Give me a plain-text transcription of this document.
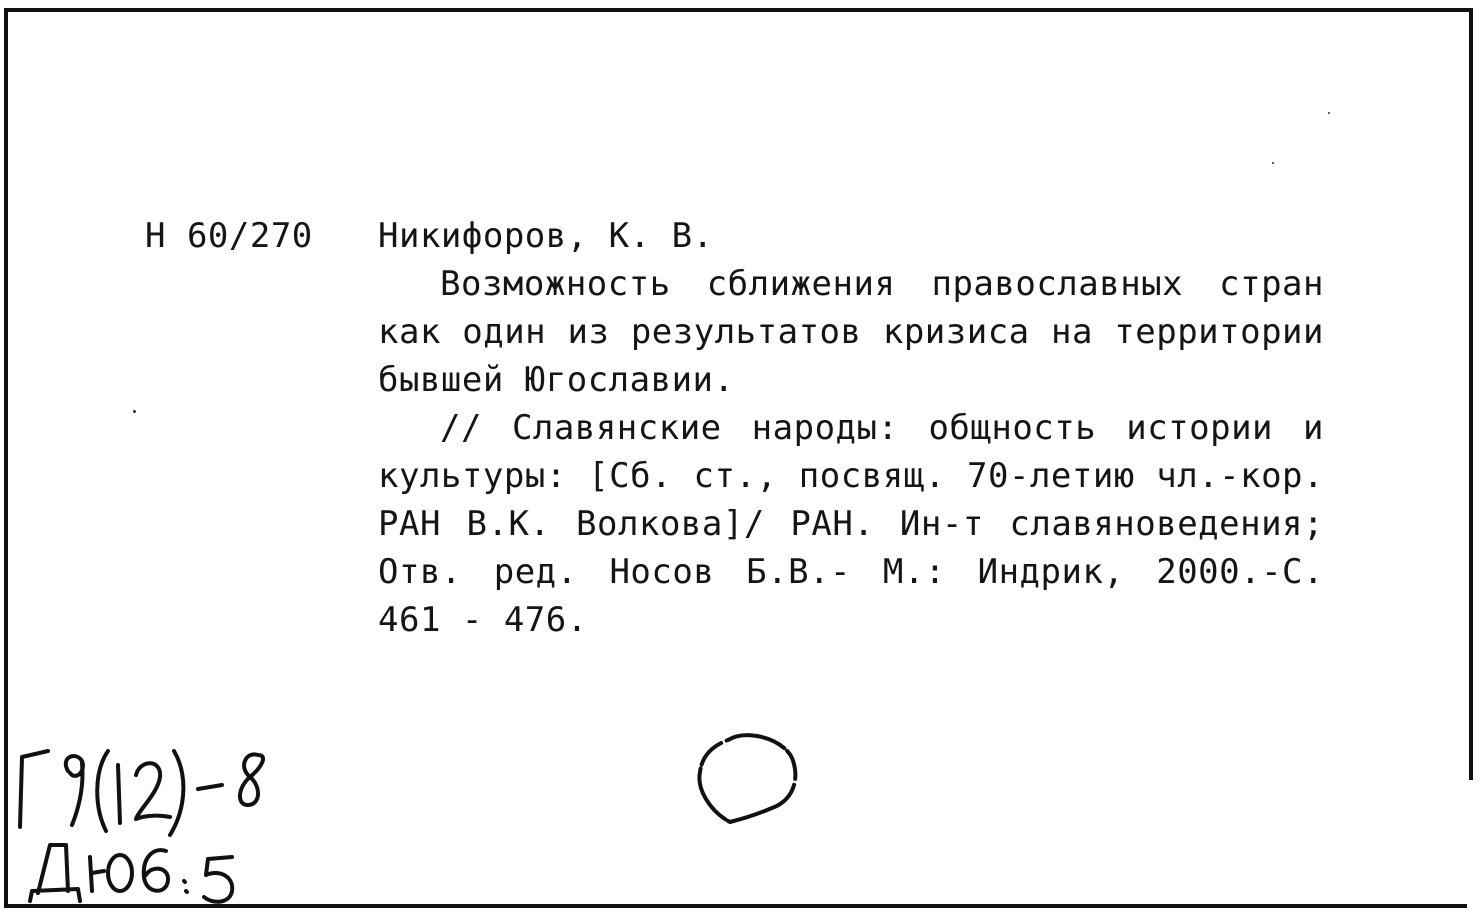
Н 60/270 Никифоров, К. В.
Возможность сближения православных стран как один из результатов кризиса на территории бывшей Югославии.
// Славянские народы: общность истории и культуры: [Сб. ст., посвящ. 70-летию чл.-кор. РАН В.К. Волкова]/ РАН. Ин-т славяноведения; Отв. ред. Носов Б.В.- М.: Индрик, 2000.-С. 461 - 476.
